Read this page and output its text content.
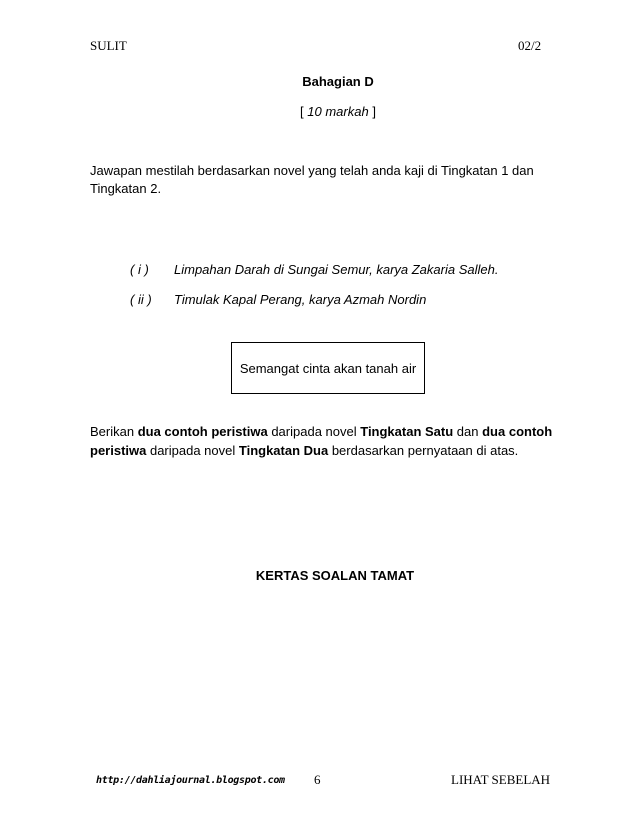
SULIT	02/2
Bahagian D
[ 10 markah ]
Jawapan mestilah berdasarkan novel yang telah anda kaji di Tingkatan 1 dan Tingkatan 2.
( i ) Limpahan Darah di Sungai Semur, karya Zakaria Salleh.
( ii ) Timulak Kapal Perang, karya Azmah Nordin
Semangat cinta akan tanah air
Berikan dua contoh peristiwa daripada novel Tingkatan Satu dan dua contoh peristiwa daripada novel Tingkatan Dua berdasarkan pernyataan di atas.
KERTAS SOALAN TAMAT
http://dahliajournal.blogspot.com 6	LIHAT SEBELAH
